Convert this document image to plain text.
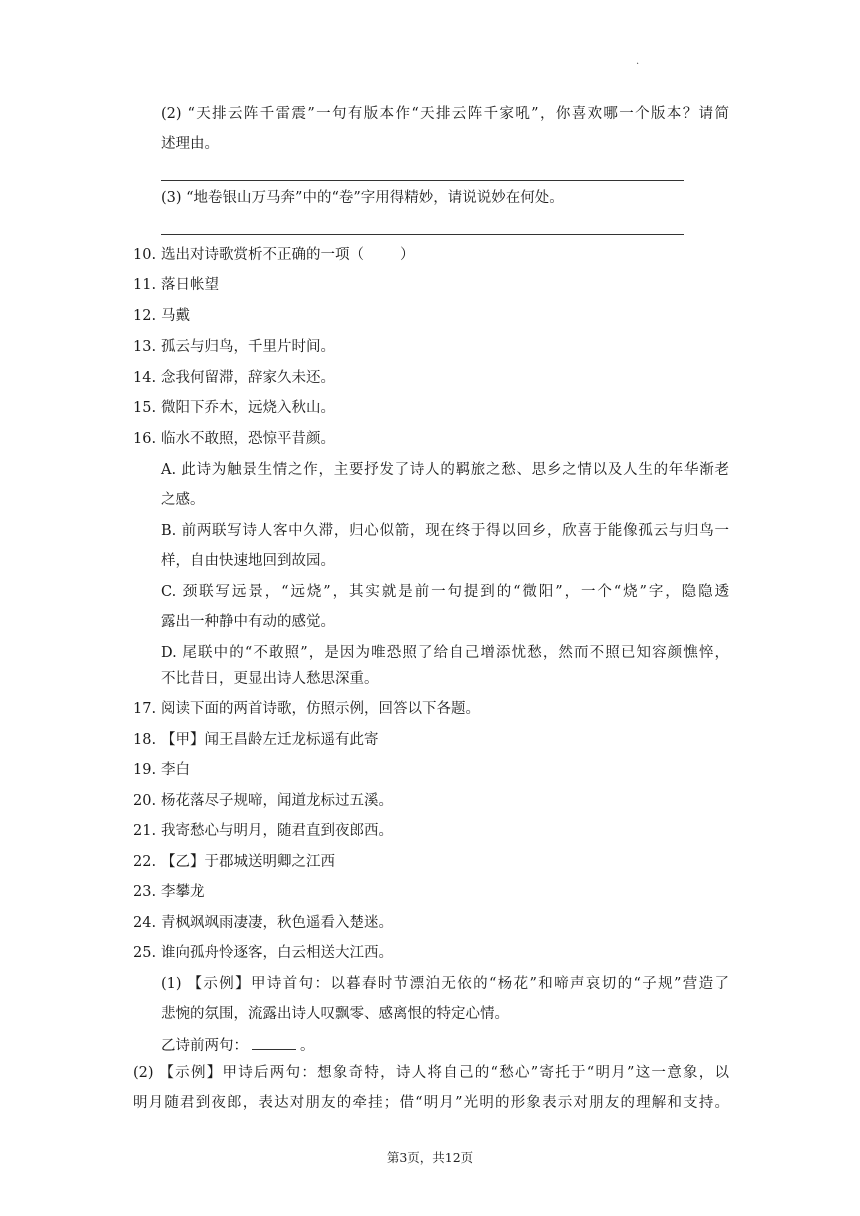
.
(2) “天排云阵千雷震”一句有版本作“天排云阵千家吼”，你喜欢哪一个版本？请简
述理由。
(3) “地卷银山万马奔”中的“卷”字用得精妙，请说说妙在何处。
10. 选出对诗歌赏析不正确的一项（ ）
11. 落日帐望
12. 马戴
13. 孤云与归鸟，千里片时间。
14. 念我何留滞，辞家久未还。
15. 微阳下乔木，远烧入秋山。
16. 临水不敢照，恐惊平昔颜。
A. 此诗为触景生情之作，主要抒发了诗人的羁旅之愁、思乡之情以及人生的年华渐老
之感。
B. 前两联写诗人客中久滞，归心似箭，现在终于得以回乡，欣喜于能像孤云与归鸟一
样，自由快速地回到故园。
C. 颈联写远景，“远烧”，其实就是前一句提到的“微阳”，一个“烧”字，隐隐透
露出一种静中有动的感觉。
D. 尾联中的“不敢照”，是因为唯恐照了给自己增添忧愁，然而不照已知容颜憔悴，
不比昔日，更显出诗人愁思深重。
17. 阅读下面的两首诗歌，仿照示例，回答以下各题。
18. 【甲】闻王昌龄左迁龙标遥有此寄
19. 李白
20. 杨花落尽子规啼，闻道龙标过五溪。
21. 我寄愁心与明月，随君直到夜郎西。
22. 【乙】于郡城送明卿之江西
23. 李攀龙
24. 青枫飒飒雨凄凄，秋色遥看入楚迷。
25. 谁向孤舟怜逐客，白云相送大江西。
(1) 【示例】甲诗首句：以暮春时节漂泊无依的“杨花”和啼声哀切的“子规”营造了
悲惋的氛围，流露出诗人叹飘零、感离恨的特定心情。
乙诗前两句：	。
(2) 【示例】甲诗后两句：想象奇特，诗人将自己的“愁心”寄托于“明月”这一意象，以
明月随君到夜郎，表达对朋友的牵挂；借“明月”光明的形象表示对朋友的理解和支持。
第3页，共12页
